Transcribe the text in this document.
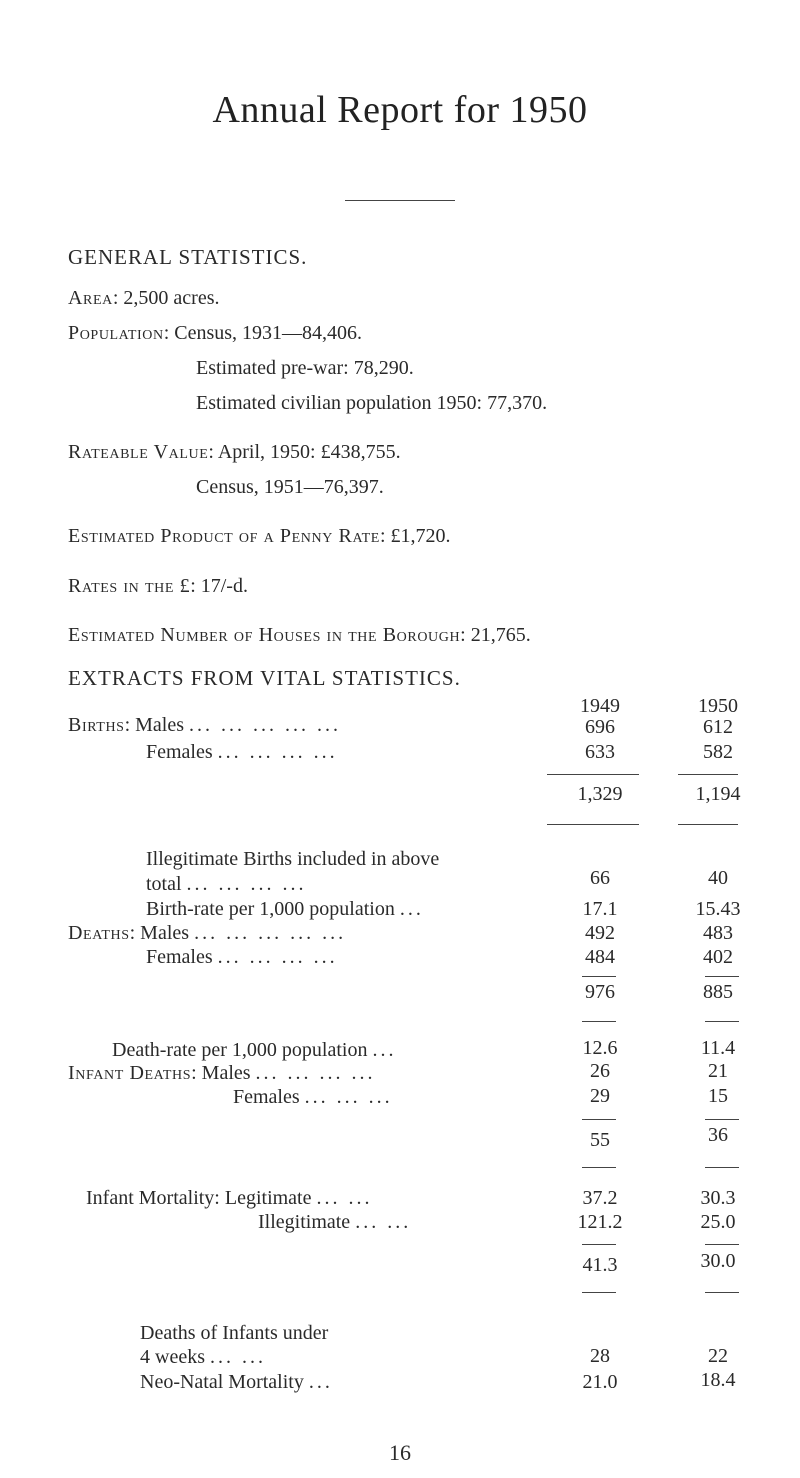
Annual Report for 1950
GENERAL STATISTICS.
Area: 2,500 acres.
Population: Census, 1931—84,406.
Estimated pre-war: 78,290.
Estimated civilian population 1950: 77,370.
Rateable Value: April, 1950: £438,755.
Census, 1951—76,397.
Estimated Product of a Penny Rate: £1,720.
Rates in the £: 17/-d.
Estimated Number of Houses in the Borough: 21,765.
EXTRACTS FROM VITAL STATISTICS.
1949	1950
Births: Males ... ... ... ... ...	696	612
Females ... ... ... ...	633	582
1,329	1,194
Illegitimate Births included in above
total ... ... ... ...	66	40
Birth-rate per 1,000 population ...	17.1	15.43
Deaths: Males ... ... ... ... ...	492	483
Females ... ... ... ...	484	402
976	885
Death-rate per 1,000 population ...	12.6	11.4
Infant Deaths: Males ... ... ... ...	26	21
Females ... ... ...	29	15
55	36
Infant Mortality: Legitimate ... ...	37.2	30.3
Illegitimate ... ...	121.2	25.0
41.3	30.0
Deaths of Infants under
4 weeks ... ...	28	22
Neo-Natal Mortality ...	21.0	18.4
16
